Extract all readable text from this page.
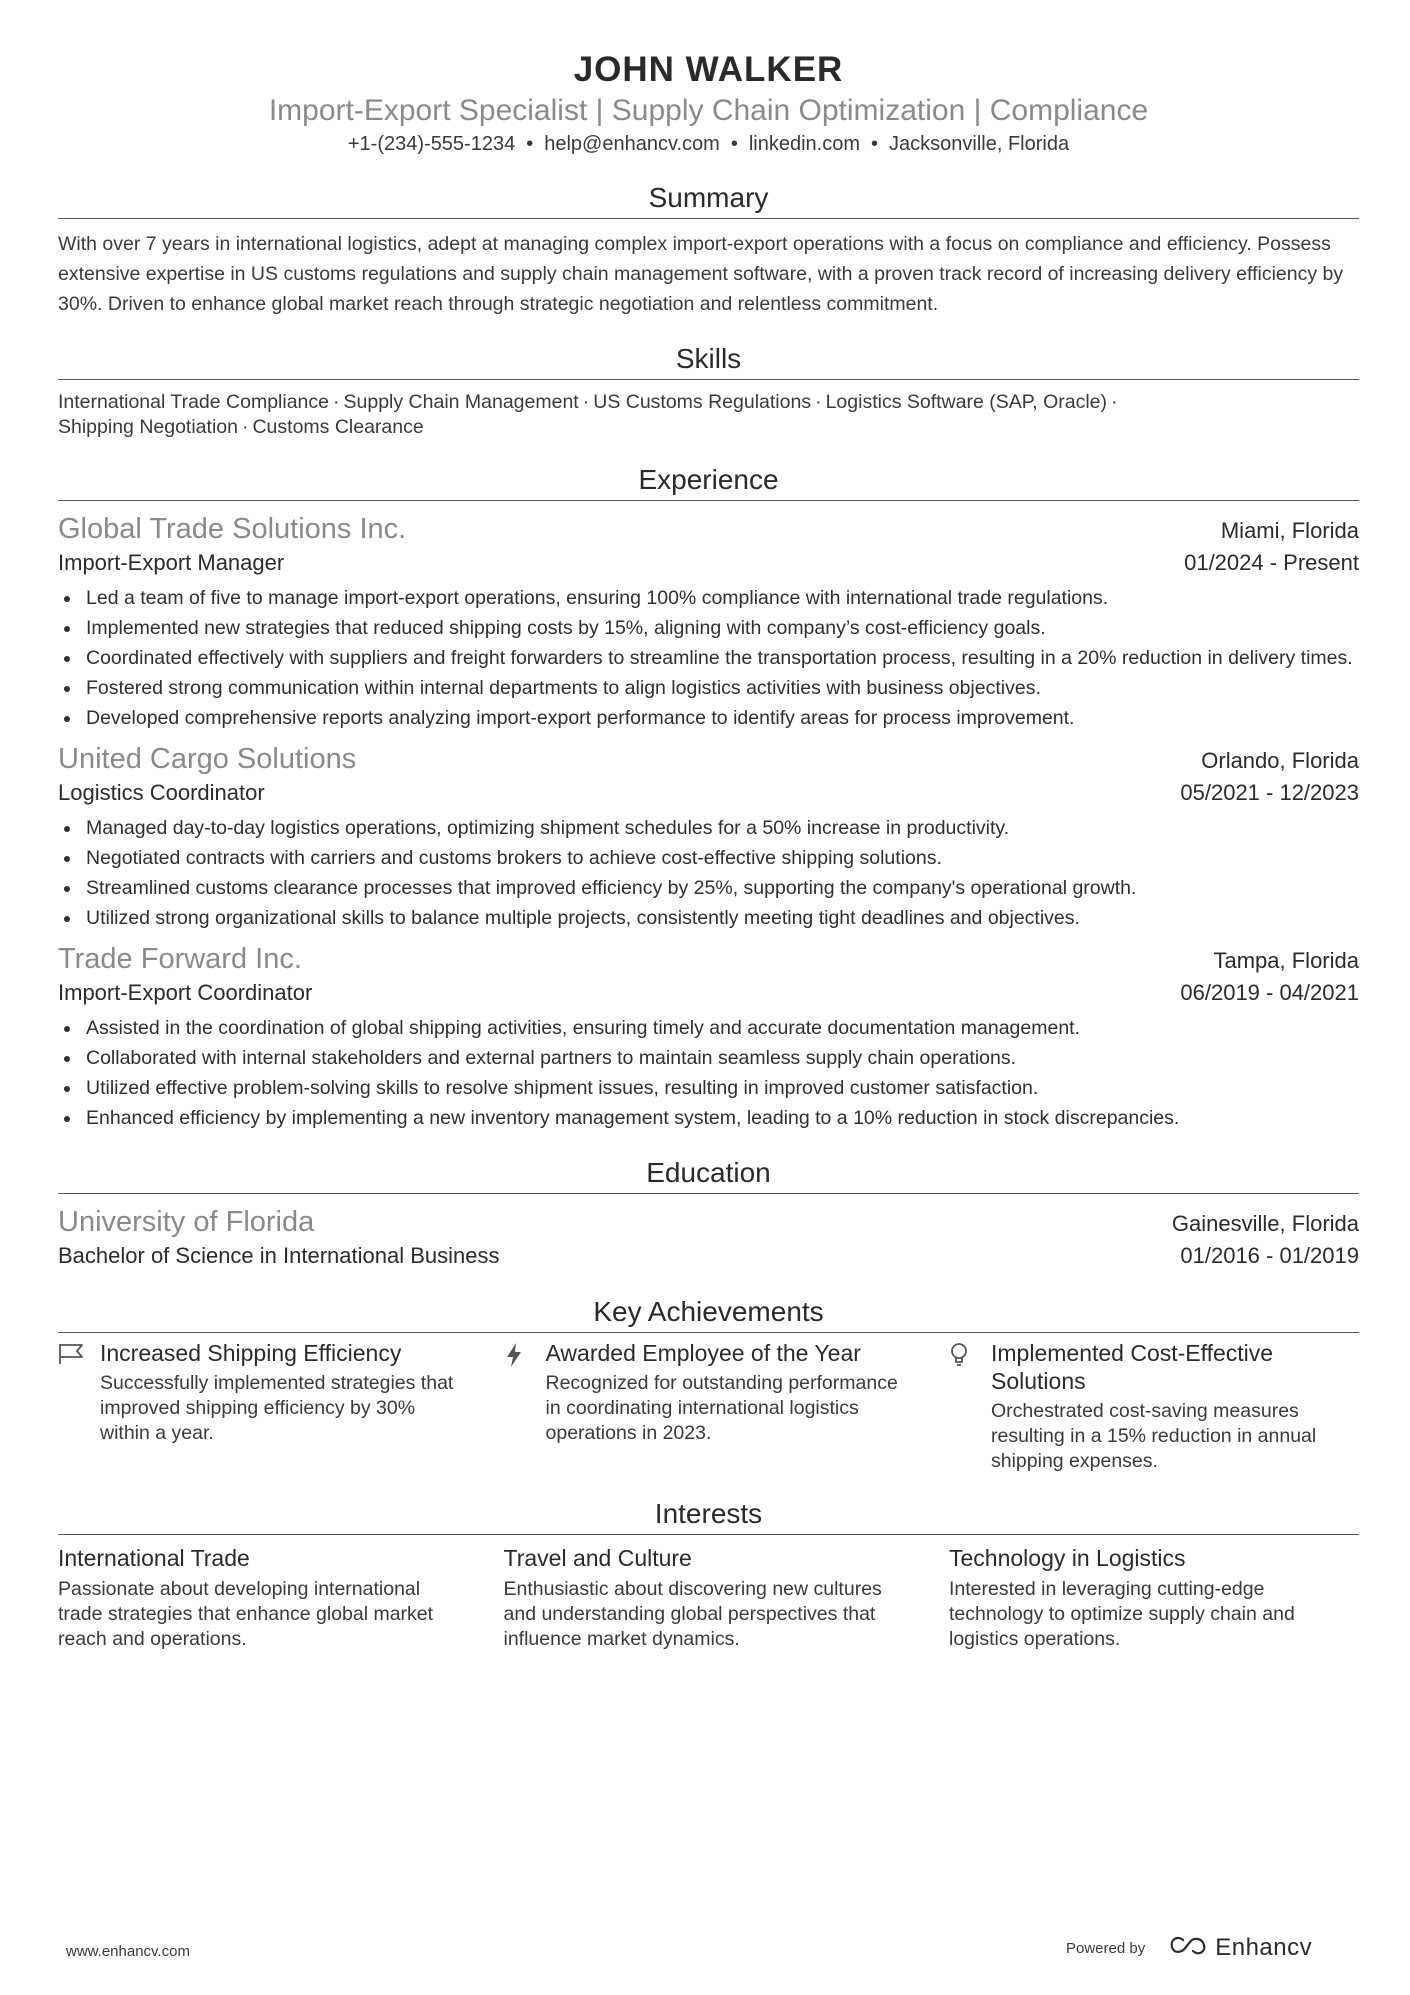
JOHN WALKER
Import-Export Specialist | Supply Chain Optimization | Compliance
+1-(234)-555-1234 • help@enhancv.com • linkedin.com • Jacksonville, Florida
Summary

With over 7 years in international logistics, adept at managing complex import-export operations with a focus on compliance and efficiency. Possess extensive expertise in US customs regulations and supply chain management software, with a proven track record of increasing delivery efficiency by 30%. Driven to enhance global market reach through strategic negotiation and relentless commitment.

Skills
International Trade Compliance · Supply Chain Management · US Customs Regulations · Logistics Software (SAP, Oracle) ·
Shipping Negotiation · Customs Clearance
Experience
Global Trade Solutions Inc.	Miami, Florida
Import-Export Manager	01/2024 - Present
Led a team of five to manage import-export operations, ensuring 100% compliance with international trade regulations.
Implemented new strategies that reduced shipping costs by 15%, aligning with company’s cost-efficiency goals.
Coordinated effectively with suppliers and freight forwarders to streamline the transportation process, resulting in a 20% reduction in delivery times.
Fostered strong communication within internal departments to align logistics activities with business objectives.
Developed comprehensive reports analyzing import-export performance to identify areas for process improvement.
United Cargo Solutions	Orlando, Florida
Logistics Coordinator	05/2021 - 12/2023
Managed day-to-day logistics operations, optimizing shipment schedules for a 50% increase in productivity.
Negotiated contracts with carriers and customs brokers to achieve cost-effective shipping solutions.
Streamlined customs clearance processes that improved efficiency by 25%, supporting the company's operational growth.
Utilized strong organizational skills to balance multiple projects, consistently meeting tight deadlines and objectives.
Trade Forward Inc.	Tampa, Florida
Import-Export Coordinator	06/2019 - 04/2021
Assisted in the coordination of global shipping activities, ensuring timely and accurate documentation management.
Collaborated with internal stakeholders and external partners to maintain seamless supply chain operations.
Utilized effective problem-solving skills to resolve shipment issues, resulting in improved customer satisfaction.
Enhanced efficiency by implementing a new inventory management system, leading to a 10% reduction in stock discrepancies.
Education
University of Florida	Gainesville, Florida
Bachelor of Science in International Business	01/2016 - 01/2019
Key Achievements
Increased Shipping Efficiency
Successfully implemented strategies that improved shipping efficiency by 30% within a year.
Awarded Employee of the Year
Recognized for outstanding performance in coordinating international logistics operations in 2023.
Implemented Cost-Effective Solutions
Orchestrated cost-saving measures resulting in a 15% reduction in annual shipping expenses.
Interests
International Trade
Passionate about developing international trade strategies that enhance global market reach and operations.
Travel and Culture
Enthusiastic about discovering new cultures and understanding global perspectives that influence market dynamics.
Technology in Logistics
Interested in leveraging cutting-edge technology to optimize supply chain and logistics operations.
www.enhancv.com	Powered by	Enhancv
